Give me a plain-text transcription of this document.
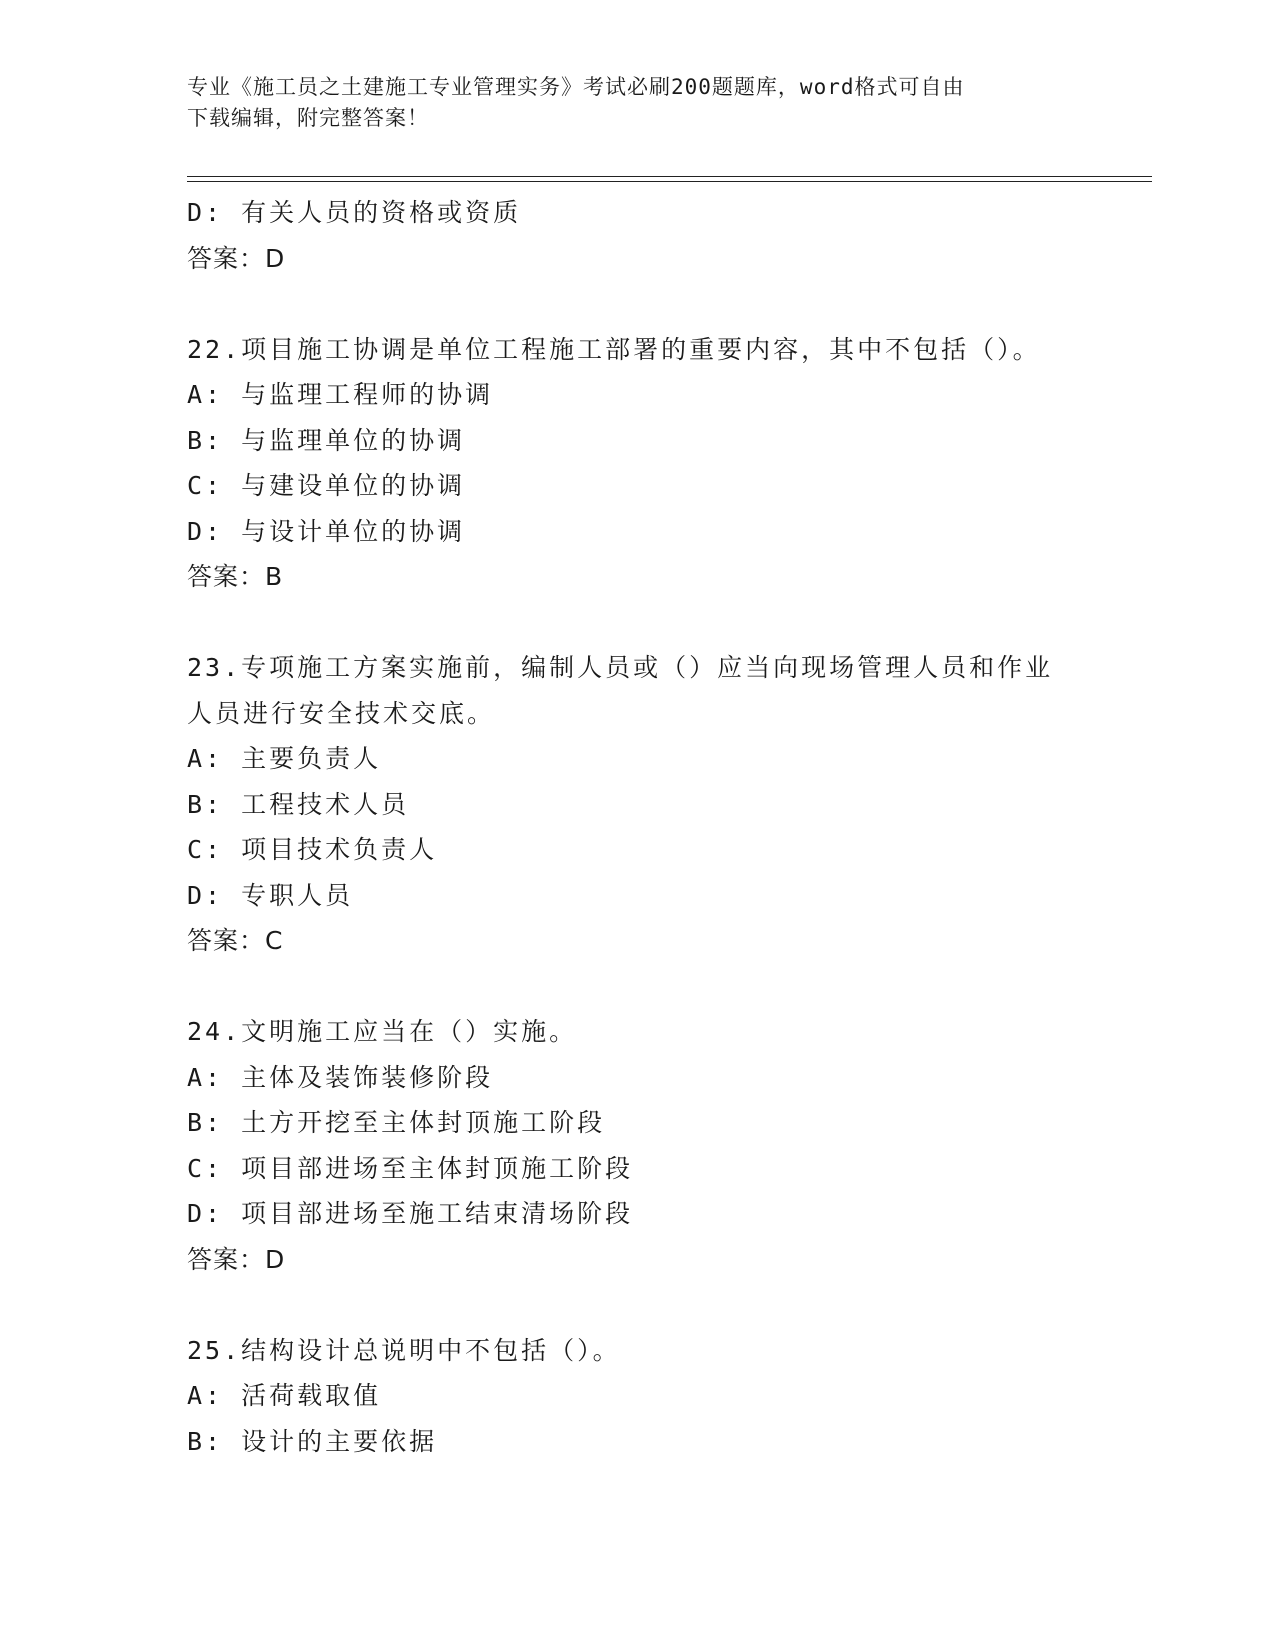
专业《施工员之土建施工专业管理实务》考试必刷200题题库，word格式可自由
下载编辑，附完整答案！
D: 有关人员的资格或资质
答案：D
22.项目施工协调是单位工程施工部署的重要内容，其中不包括（）。
A: 与监理工程师的协调
B: 与监理单位的协调
C: 与建设单位的协调
D: 与设计单位的协调
答案：B
23.专项施工方案实施前，编制人员或（）应当向现场管理人员和作业
人员进行安全技术交底。
A: 主要负责人
B: 工程技术人员
C: 项目技术负责人
D: 专职人员
答案：C
24.文明施工应当在（）实施。
A: 主体及装饰装修阶段
B: 土方开挖至主体封顶施工阶段
C: 项目部进场至主体封顶施工阶段
D: 项目部进场至施工结束清场阶段
答案：D
25.结构设计总说明中不包括（）。
A: 活荷载取值
B: 设计的主要依据
